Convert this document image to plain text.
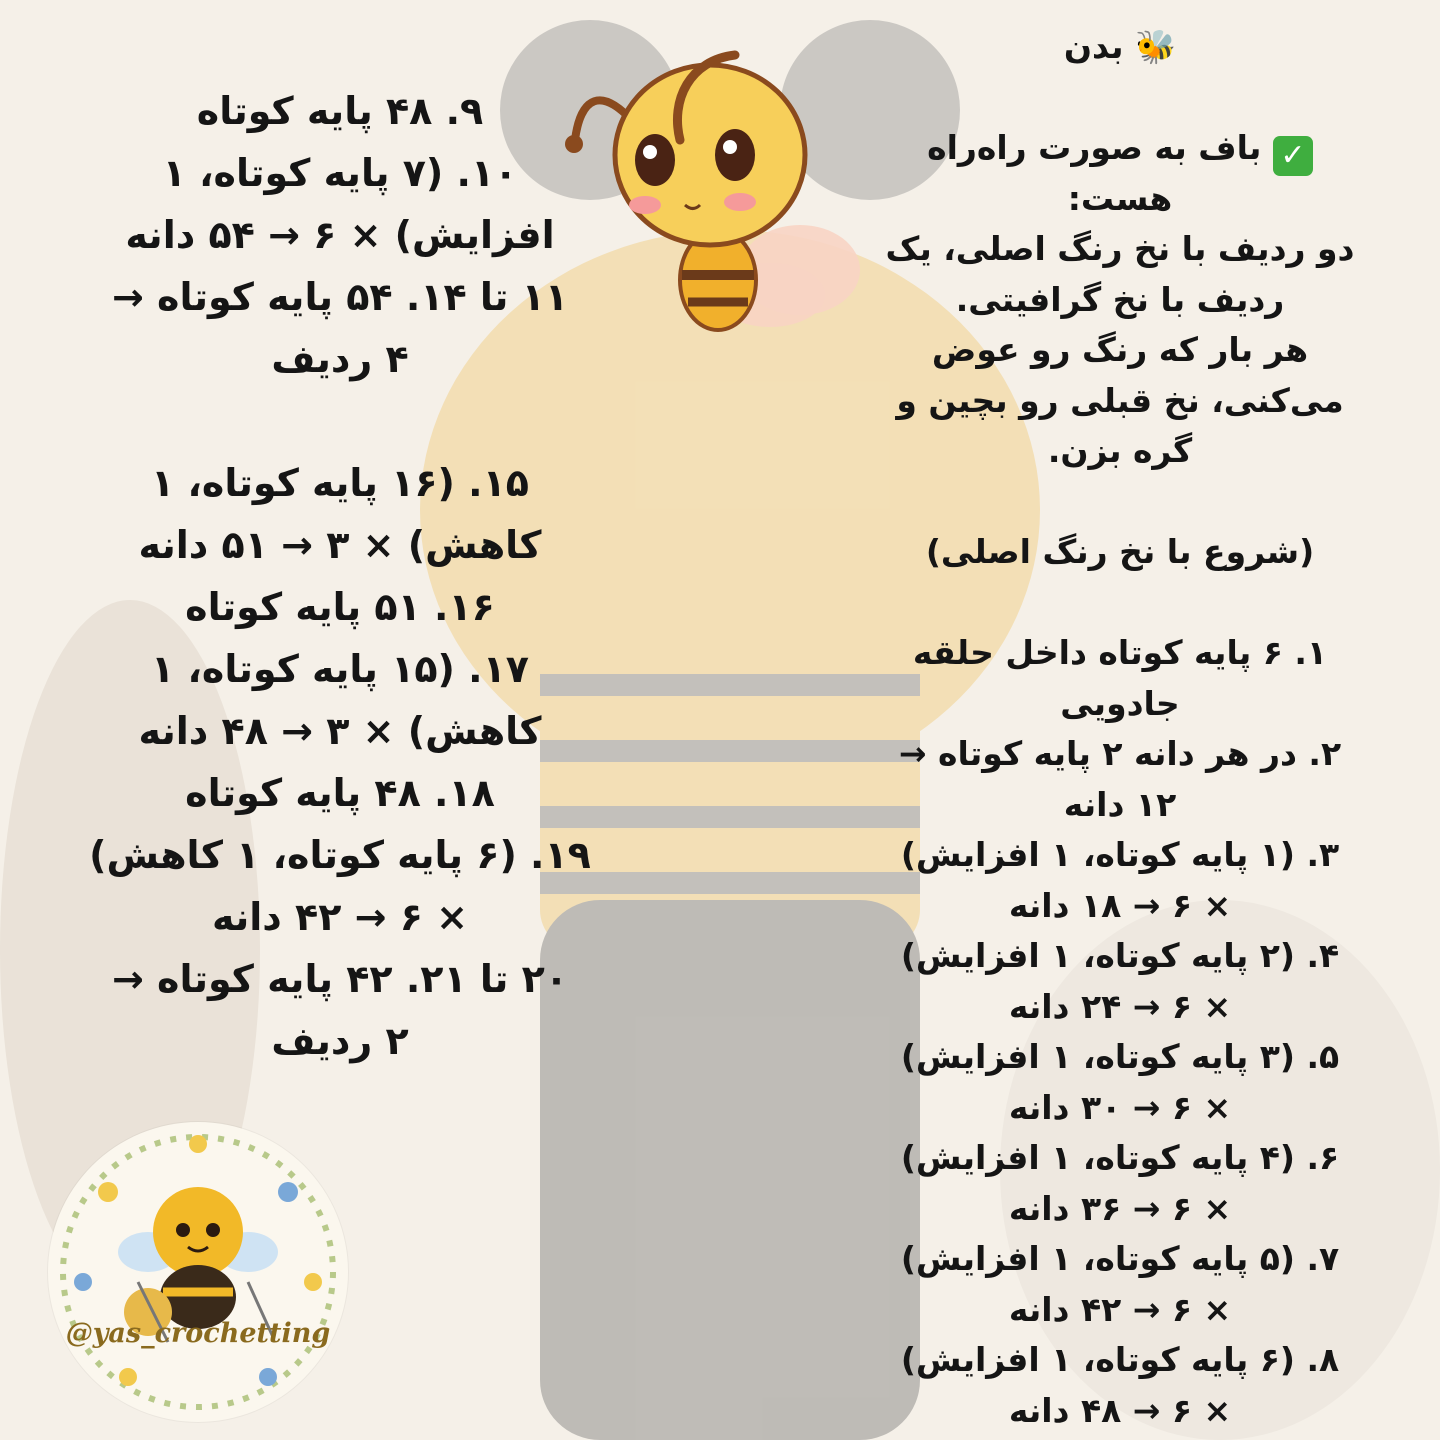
۹. ۴۸ پایه کوتاه
۱۰. (۷ پایه کوتاه، ۱
افزایش) × ۶ → ۵۴ دانه
۱۱ تا ۱۴. ۵۴ پایه کوتاه →
۴ ردیف
۱۵. (۱۶ پایه کوتاه، ۱
کاهش) × ۳ → ۵۱ دانه
۱۶. ۵۱ پایه کوتاه
۱۷. (۱۵ پایه کوتاه، ۱
کاهش) × ۳ → ۴۸ دانه
۱۸. ۴۸ پایه کوتاه
۱۹. (۶ پایه کوتاه، ۱ کاهش)
× ۶ → ۴۲ دانه
۲۰ تا ۲۱. ۴۲ پایه کوتاه →
۲ ردیف
🐝 بدن
✓ باف به صورت راه‌راه
هست:
دو ردیف با نخ رنگ اصلی، یک
ردیف با نخ گرافیتی.
هر بار که رنگ رو عوض
می‌کنی، نخ قبلی رو بچین و
گره بزن.
(شروع با نخ رنگ اصلی)
۱. ۶ پایه کوتاه داخل حلقه
جادویی
۲. در هر دانه ۲ پایه کوتاه →
۱۲ دانه
۳. (۱ پایه کوتاه، ۱ افزایش)
× ۶ → ۱۸ دانه
۴. (۲ پایه کوتاه، ۱ افزایش)
× ۶ → ۲۴ دانه
۵. (۳ پایه کوتاه، ۱ افزایش)
× ۶ → ۳۰ دانه
۶. (۴ پایه کوتاه، ۱ افزایش)
× ۶ → ۳۶ دانه
۷. (۵ پایه کوتاه، ۱ افزایش)
× ۶ → ۴۲ دانه
۸. (۶ پایه کوتاه، ۱ افزایش)
× ۶ → ۴۸ دانه
@yas_crochetting
